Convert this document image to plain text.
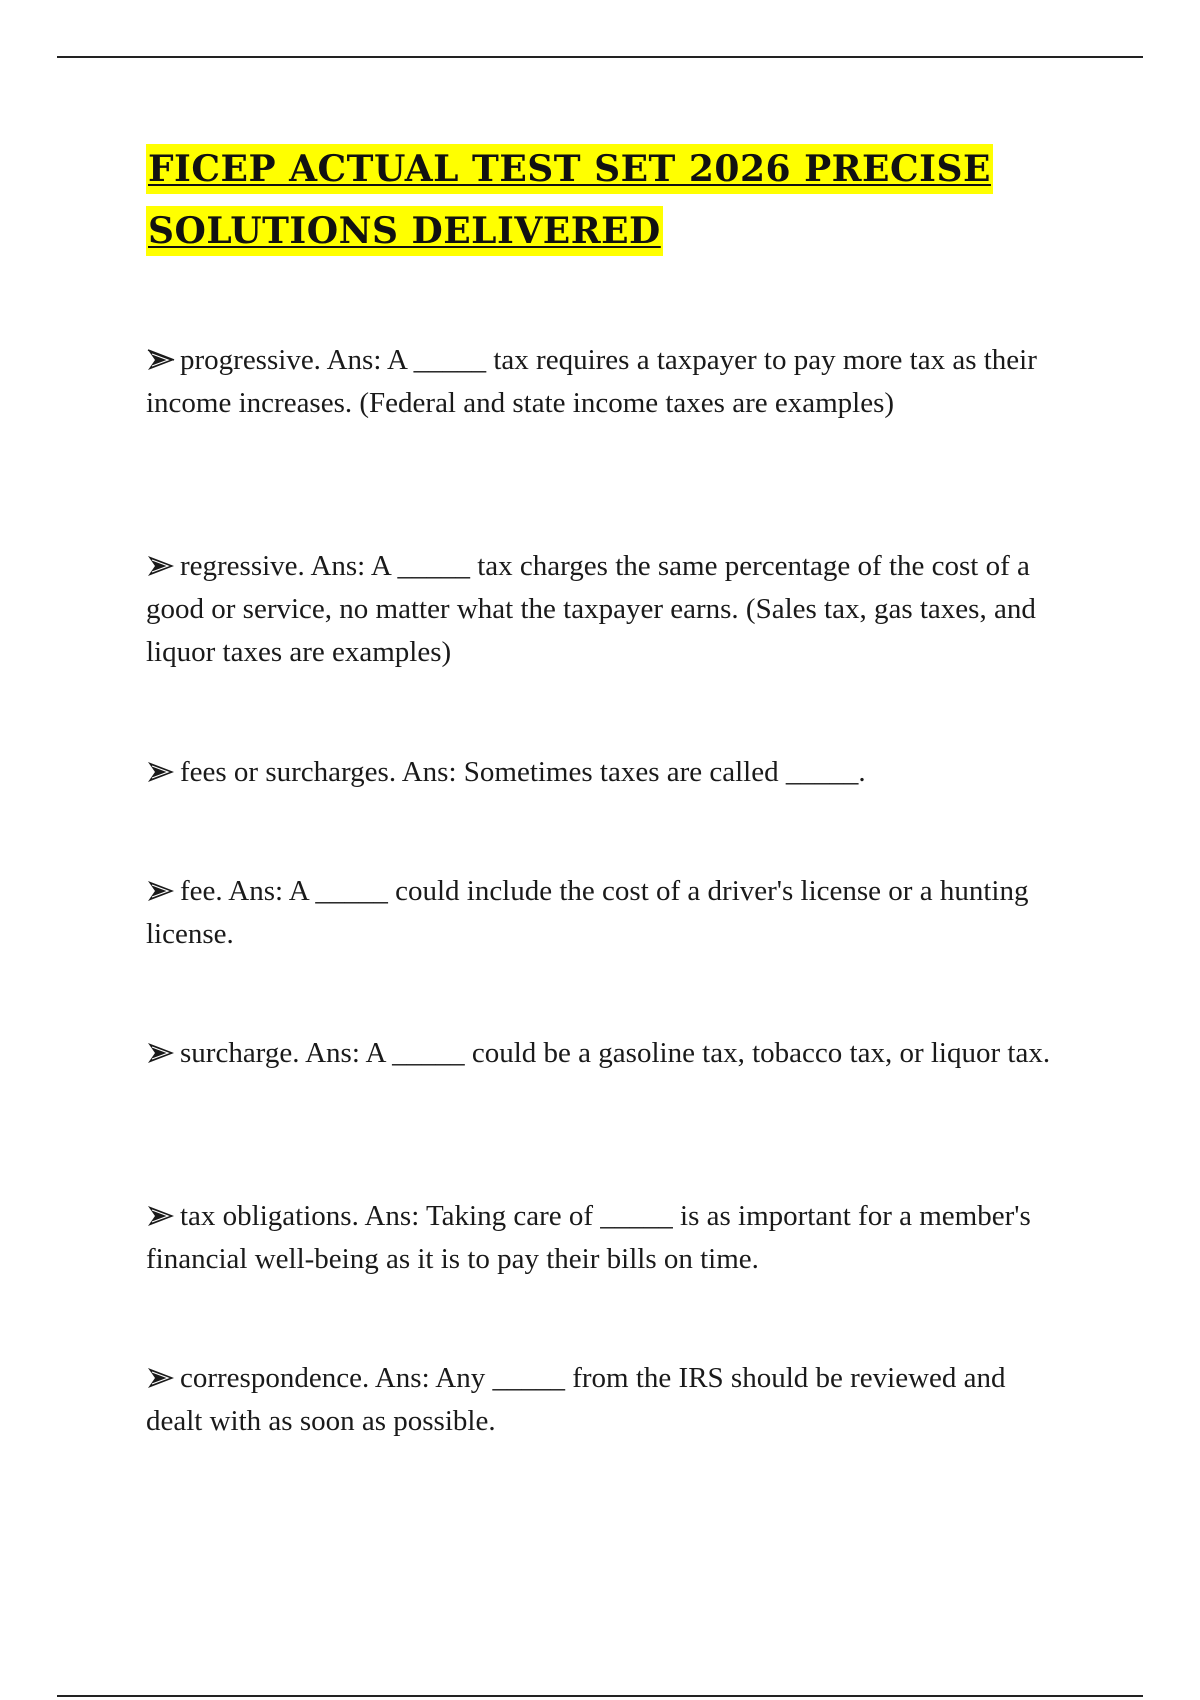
FICEP ACTUAL TEST SET 2026 PRECISE
SOLUTIONS DELIVERED

progressive. Ans: A _____ tax requires a taxpayer to pay more tax as their income increases. (Federal and state income taxes are examples)

regressive. Ans: A _____ tax charges the same percentage of the cost of a good or service, no matter what the taxpayer earns. (Sales tax, gas taxes, and liquor taxes are examples)

fees or surcharges. Ans: Sometimes taxes are called _____.

fee. Ans: A _____ could include the cost of a driver's license or a hunting license.

surcharge. Ans: A _____ could be a gasoline tax, tobacco tax, or liquor tax.

tax obligations. Ans: Taking care of _____ is as important for a member's financial well-being as it is to pay their bills on time.

correspondence. Ans: Any _____ from the IRS should be reviewed and dealt with as soon as possible.
